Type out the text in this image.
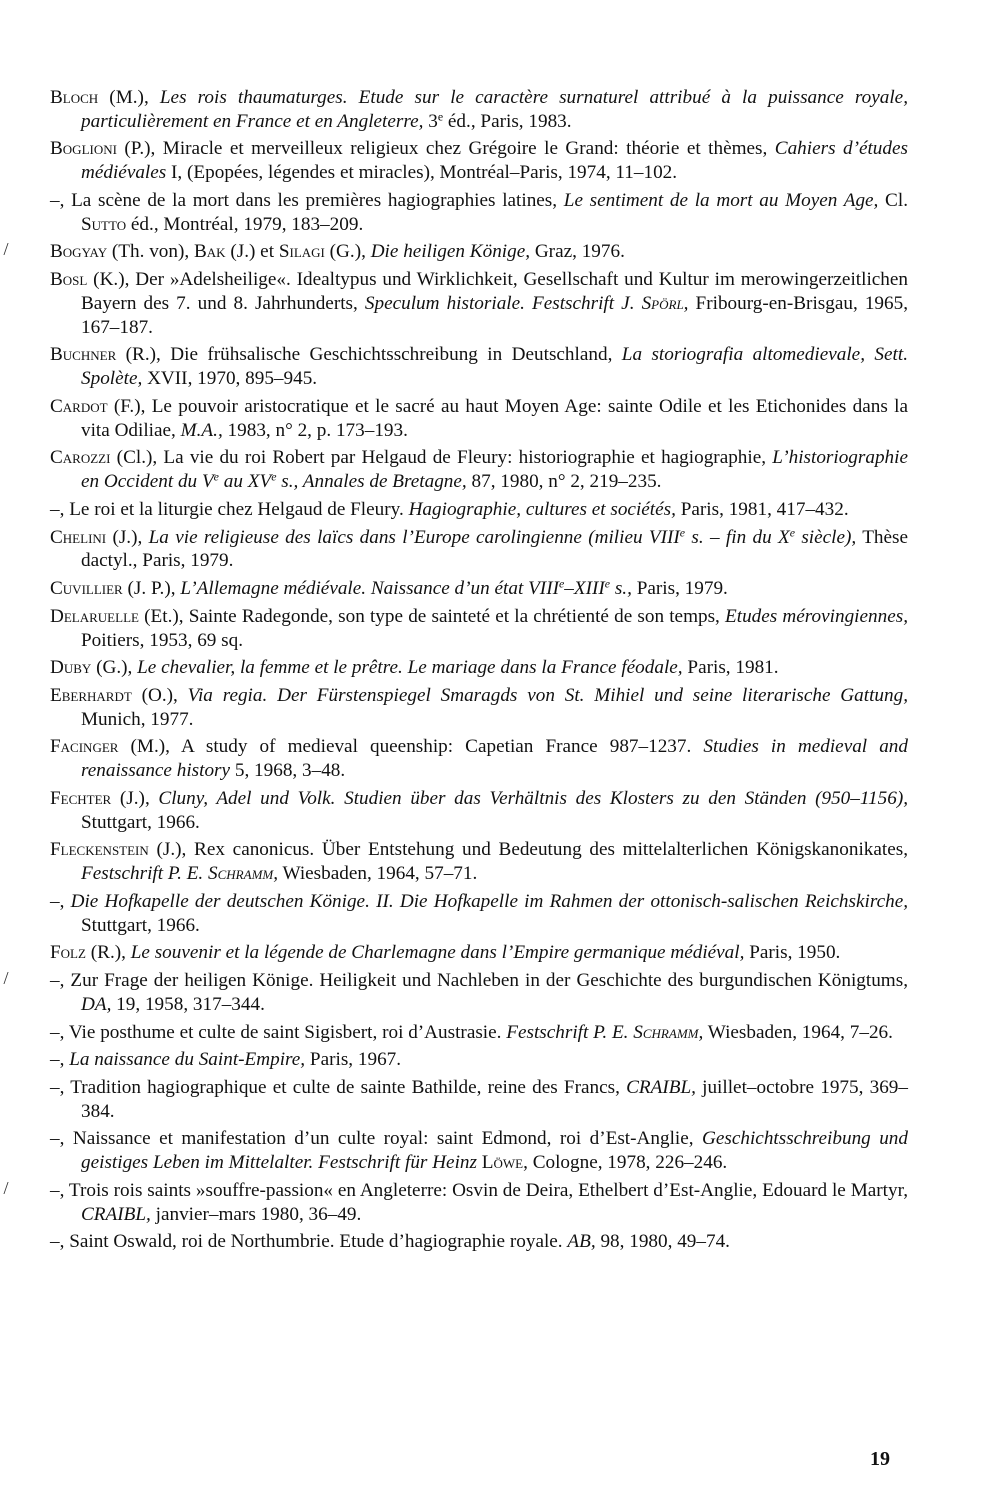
Bloch (M.), Les rois thaumaturges. Etude sur le caractère surnaturel attribué à la puissance royale, particulièrement en France et en Angleterre, 3e éd., Paris, 1983.

Boglioni (P.), Miracle et merveilleux religieux chez Grégoire le Grand: théorie et thèmes, Cahiers d’études médiévales I, (Epopées, légendes et miracles), Montréal–Paris, 1974, 11–102.

–, La scène de la mort dans les premières hagiographies latines, Le sentiment de la mort au Moyen Age, Cl. Sutto éd., Montréal, 1979, 183–209.

/	Bogyay (Th. von), Bak (J.) et Silagi (G.), Die heiligen Könige, Graz, 1976.

Bosl (K.), Der »Adelsheilige«. Idealtypus und Wirklichkeit, Gesellschaft und Kultur im merowingerzeitlichen Bayern des 7. und 8. Jahrhunderts, Speculum historiale. Festschrift J. Spörl, Fribourg-en-Brisgau, 1965, 167–187.

Buchner (R.), Die frühsalische Geschichtsschreibung in Deutschland, La storiografia altomedievale, Sett. Spolète, XVII, 1970, 895–945.

Cardot (F.), Le pouvoir aristocratique et le sacré au haut Moyen Age: sainte Odile et les Etichonides dans la vita Odiliae, M.A., 1983, n° 2, p. 173–193.

Carozzi (Cl.), La vie du roi Robert par Helgaud de Fleury: historiographie et hagiographie, L’historiographie en Occident du Ve au XVe s., Annales de Bretagne, 87, 1980, n° 2, 219–235.

–, Le roi et la liturgie chez Helgaud de Fleury. Hagiographie, cultures et sociétés, Paris, 1981, 417–432.

Chelini (J.), La vie religieuse des laïcs dans l’Europe carolingienne (milieu VIIIe s. – fin du Xe siècle), Thèse dactyl., Paris, 1979.

Cuvillier (J. P.), L’Allemagne médiévale. Naissance d’un état VIIIe–XIIIe s., Paris, 1979.

Delaruelle (Et.), Sainte Radegonde, son type de sainteté et la chrétienté de son temps, Etudes mérovingiennes, Poitiers, 1953, 69 sq.

Duby (G.), Le chevalier, la femme et le prêtre. Le mariage dans la France féodale, Paris, 1981.

Eberhardt (O.), Via regia. Der Fürstenspiegel Smaragds von St. Mihiel und seine literarische Gattung, Munich, 1977.

Facinger (M.), A study of medieval queenship: Capetian France 987–1237. Studies in medieval and renaissance history 5, 1968, 3–48.

Fechter (J.), Cluny, Adel und Volk. Studien über das Verhältnis des Klosters zu den Ständen (950–1156), Stuttgart, 1966.

Fleckenstein (J.), Rex canonicus. Über Entstehung und Bedeutung des mittelalterlichen Königskanonikates, Festschrift P. E. Schramm, Wiesbaden, 1964, 57–71.

–, Die Hofkapelle der deutschen Könige. II. Die Hofkapelle im Rahmen der ottonisch-salischen Reichskirche, Stuttgart, 1966.

Folz (R.), Le souvenir et la légende de Charlemagne dans l’Empire germanique médiéval, Paris, 1950.

/	–, Zur Frage der heiligen Könige. Heiligkeit und Nachleben in der Geschichte des burgundischen Königtums, DA, 19, 1958, 317–344.

–, Vie posthume et culte de saint Sigisbert, roi d’Austrasie. Festschrift P. E. Schramm, Wiesbaden, 1964, 7–26.

–, La naissance du Saint-Empire, Paris, 1967.

–, Tradition hagiographique et culte de sainte Bathilde, reine des Francs, CRAIBL, juillet–octobre 1975, 369–384.

–, Naissance et manifestation d’un culte royal: saint Edmond, roi d’Est-Anglie, Geschichtsschreibung und geistiges Leben im Mittelalter. Festschrift für Heinz Löwe, Cologne, 1978, 226–246.

/	–, Trois rois saints »souffre-passion« en Angleterre: Osvin de Deira, Ethelbert d’Est-Anglie, Edouard le Martyr, CRAIBL, janvier–mars 1980, 36–49.

–, Saint Oswald, roi de Northumbrie. Etude d’hagiographie royale. AB, 98, 1980, 49–74.

19
